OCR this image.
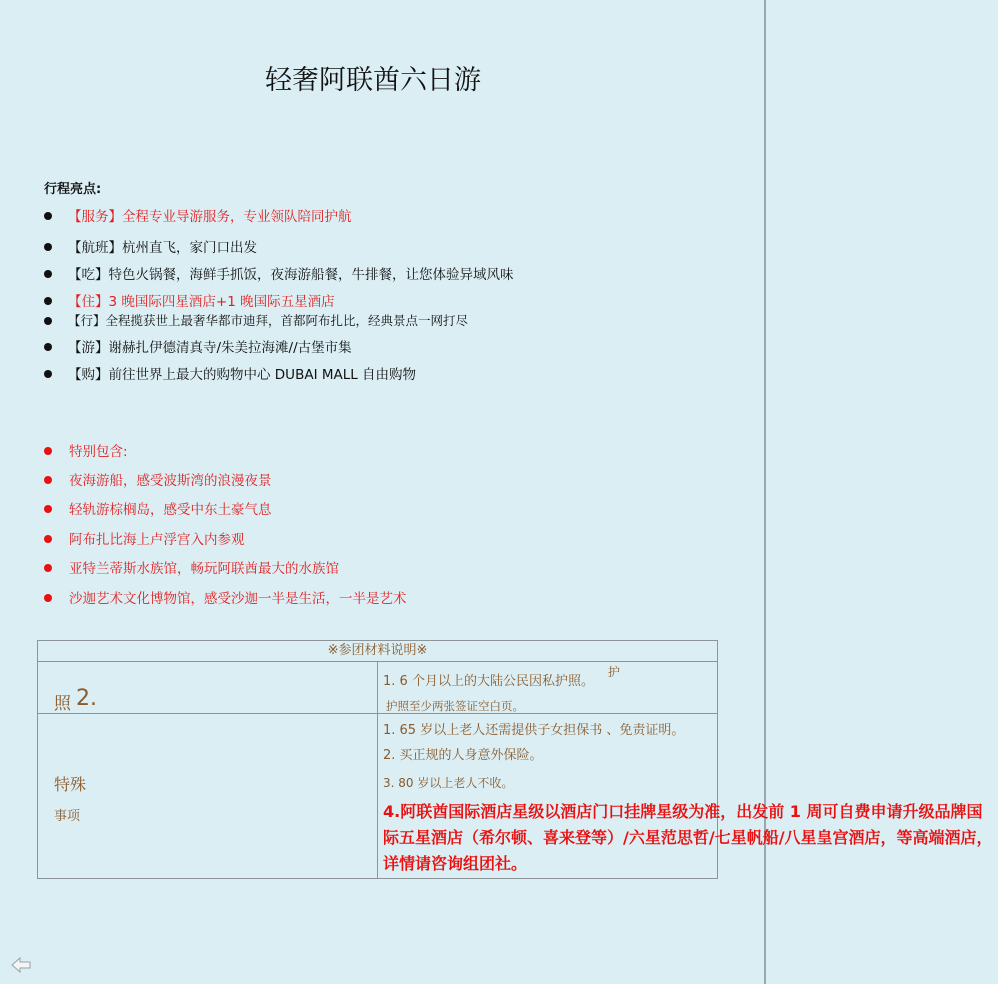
轻奢阿联酋六日游
行程亮点:
【服务】全程专业导游服务，专业领队陪同护航
【航班】杭州直飞，家门口出发
【吃】特色火锅餐，海鲜手抓饭，夜海游船餐，牛排餐，让您体验异域风味
【住】3 晚国际四星酒店+1 晚国际五星酒店
【行】全程揽获世上最奢华都市迪拜，首都阿布扎比，经典景点一网打尽
【游】谢赫扎伊德清真寺/朱美拉海滩//古堡市集
【购】前往世界上最大的购物中心 DUBAI MALL 自由购物
特别包含:
夜海游船，感受波斯湾的浪漫夜景
轻轨游棕榈岛，感受中东土豪气息
阿布扎比海上卢浮宫入内参观
亚特兰蒂斯水族馆，畅玩阿联酋最大的水族馆
沙迦艺术文化博物馆，感受沙迦一半是生活，一半是艺术
※参团材料说明※	

照 2.	1. 6 个月以上的大陆公民因私护照。
护
护照至少两张签证空白页。

特殊
事项	1. 65 岁以上老人还需提供子女担保书 、免责证明。
2. 买正规的人身意外保险。
3. 80 岁以上老人不收。
4.阿联酋国际酒店星级以酒店门口挂牌星级为准，出发前 1 周可自费申请升级品牌国际五星酒店（希尔顿、喜来登等）/六星范思哲/七星帆船/八星皇宫酒店，等高端酒店，详情请咨询组团社。
